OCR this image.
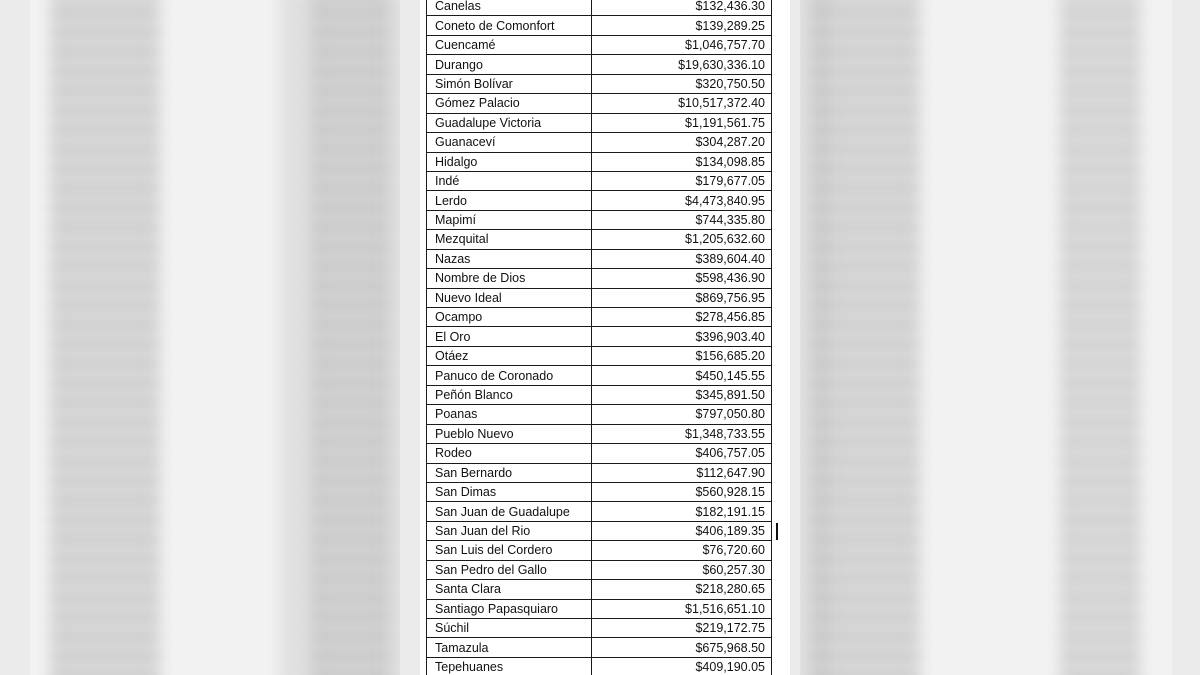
Canelas	$132,436.30
Coneto de Comonfort	$139,289.25
Cuencamé	$1,046,757.70
Durango	$19,630,336.10
Simón Bolívar	$320,750.50
Gómez Palacio	$10,517,372.40
Guadalupe Victoria	$1,191,561.75
Guanaceví	$304,287.20
Hidalgo	$134,098.85
Indé	$179,677.05
Lerdo	$4,473,840.95
Mapimí	$744,335.80
Mezquital	$1,205,632.60
Nazas	$389,604.40
Nombre de Dios	$598,436.90
Nuevo Ideal	$869,756.95
Ocampo	$278,456.85
El Oro	$396,903.40
Otáez	$156,685.20
Panuco de Coronado	$450,145.55
Peñón Blanco	$345,891.50
Poanas	$797,050.80
Pueblo Nuevo	$1,348,733.55
Rodeo	$406,757.05
San Bernardo	$112,647.90
San Dimas	$560,928.15
San Juan de Guadalupe	$182,191.15
San Juan del Rio	$406,189.35
San Luis del Cordero	$76,720.60
San Pedro del Gallo	$60,257.30
Santa Clara	$218,280.65
Santiago Papasquiaro	$1,516,651.10
Súchil	$219,172.75
Tamazula	$675,968.50
Tepehuanes	$409,190.05
